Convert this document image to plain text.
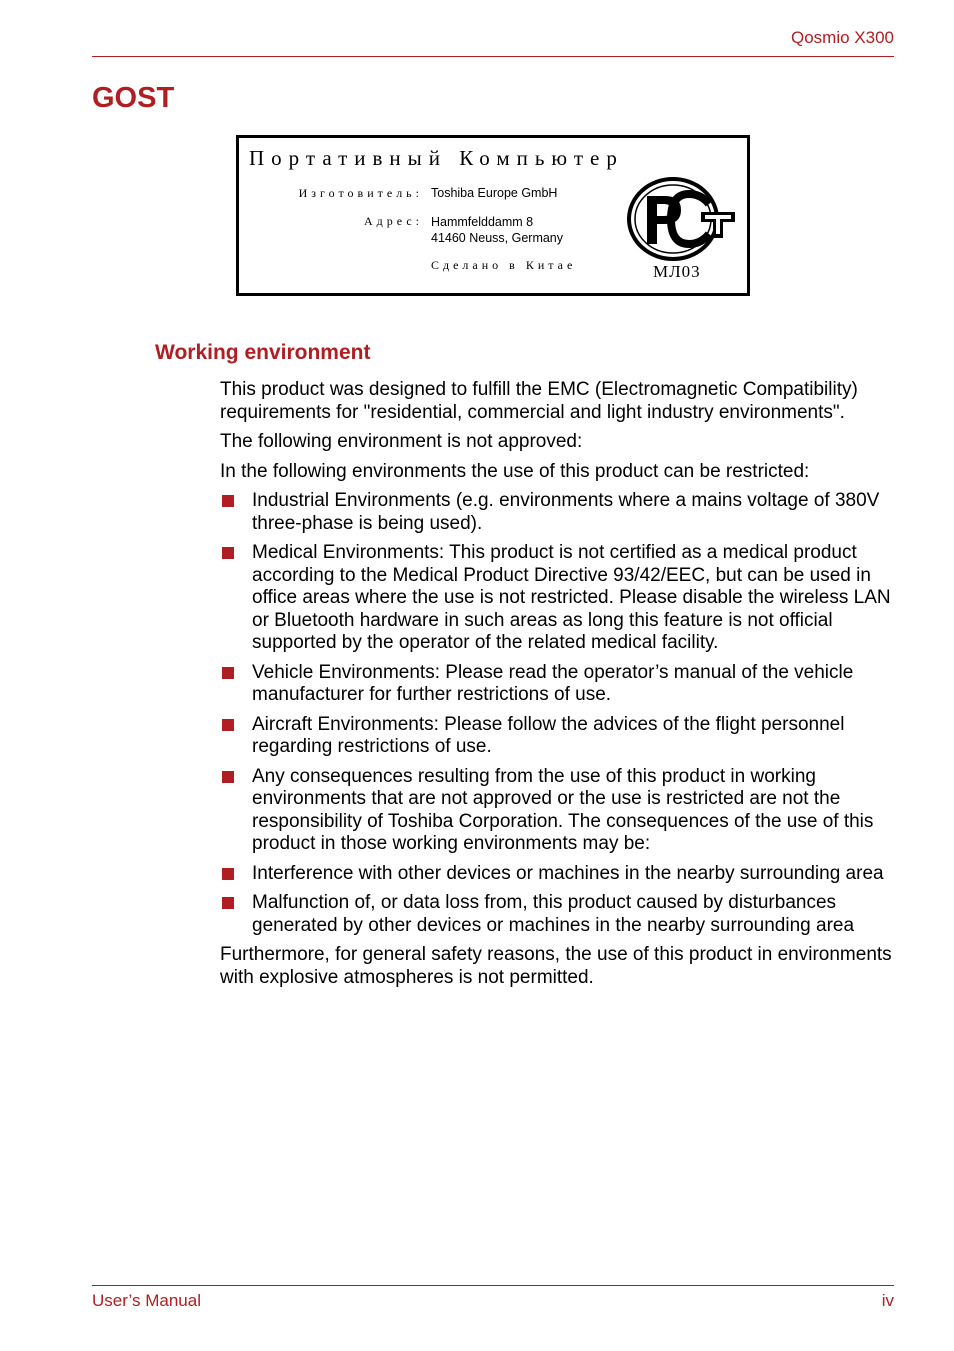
Qosmio X300
GOST
Портативный Компьютер
Изготовитель: Toshiba Europe GmbH
Адрес: Hammfelddamm 8
41460 Neuss, Germany
Сделано в Китае	МЛ03
Working environment

This product was designed to fulfill the EMC (Electromagnetic Compatibility) requirements for "residential, commercial and light industry environments".

The following environment is not approved:

In the following environments the use of this product can be restricted:

Industrial Environments (e.g. environments where a mains voltage of 380V three-phase is being used).
Medical Environments: This product is not certified as a medical product according to the Medical Product Directive 93/42/EEC, but can be used in office areas where the use is not restricted. Please disable the wireless LAN or Bluetooth hardware in such areas as long this feature is not official supported by the operator of the related medical facility.
Vehicle Environments: Please read the operator’s manual of the vehicle manufacturer for further restrictions of use.
Aircraft Environments: Please follow the advices of the flight personnel regarding restrictions of use.
Any consequences resulting from the use of this product in working environments that are not approved or the use is restricted are not the responsibility of Toshiba Corporation. The consequences of the use of this product in those working environments may be:
Interference with other devices or machines in the nearby surrounding area
Malfunction of, or data loss from, this product caused by disturbances generated by other devices or machines in the nearby surrounding area

Furthermore, for general safety reasons, the use of this product in environments with explosive atmospheres is not permitted.

User’s Manual	iv
